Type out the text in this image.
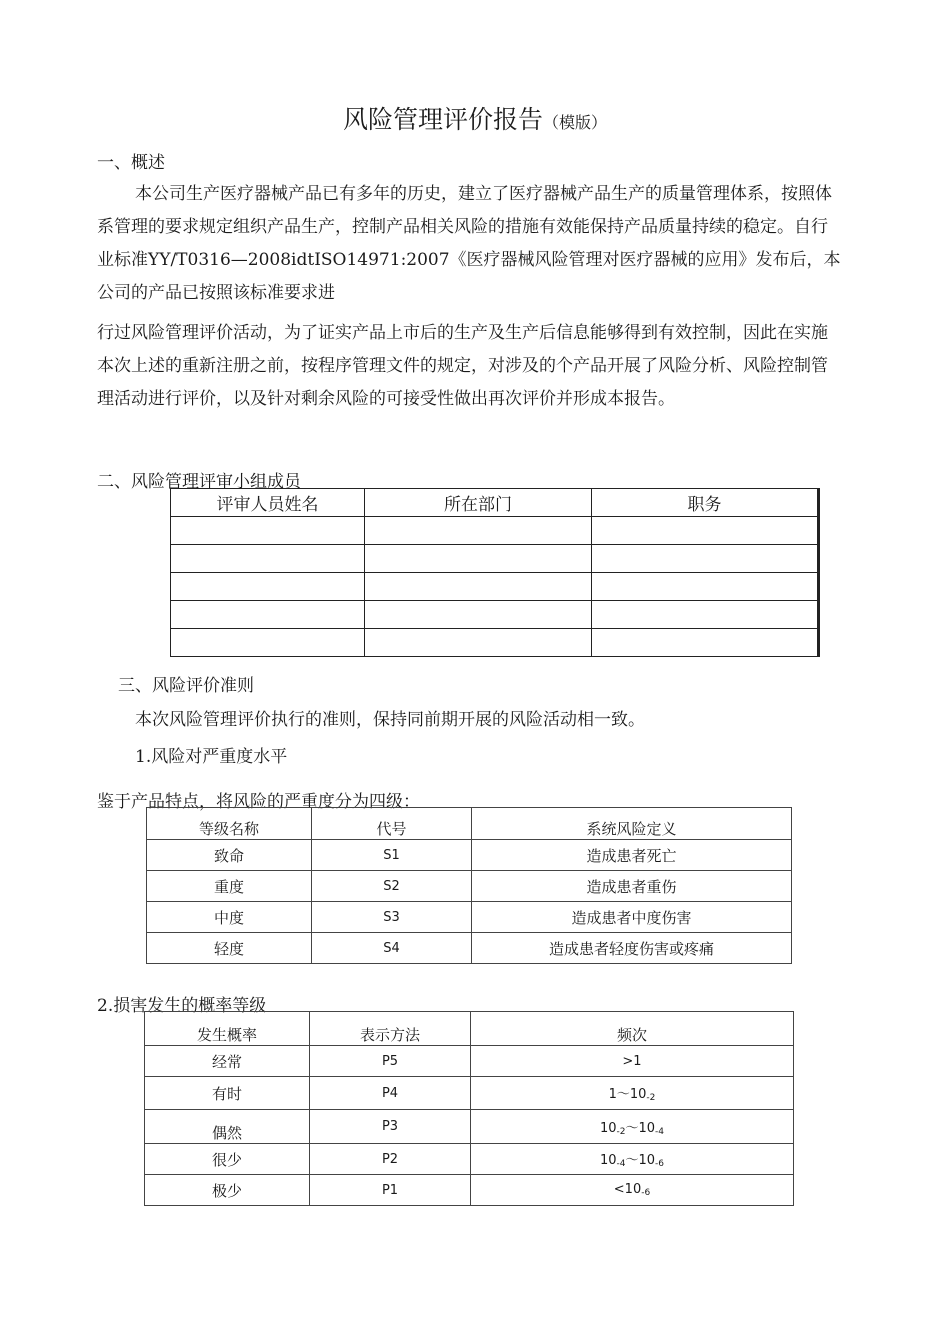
风险管理评价报告（模版）
一、概述
本公司生产医疗器械产品已有多年的历史，建立了医疗器械产品生产的质量管理体系，按照体系管理的要求规定组织产品生产，控制产品相关风险的措施有效能保持产品质量持续的稳定。自行业标准YY/T0316—2008idtISO14971:2007《医疗器械风险管理对医疗器械的应用》发布后，本公司的产品已按照该标准要求进
行过风险管理评价活动，为了证实产品上市后的生产及生产后信息能够得到有效控制，因此在实施本次上述的重新注册之前，按程序管理文件的规定，对涉及的个产品开展了风险分析、风险控制管理活动进行评价，以及针对剩余风险的可接受性做出再次评价并形成本报告。
二、风险管理评审小组成员
评审人员姓名	所在部门	职务

三、风险评价准则
本次风险管理评价执行的准则，保持同前期开展的风险活动相一致。
1.风险对严重度水平
鉴于产品特点，将风险的严重度分为四级：
等级名称	代号	系统风险定义
致命	S1	造成患者死亡
重度	S2	造成患者重伤
中度	S3	造成患者中度伤害
轻度	S4	造成患者轻度伤害或疼痛
2.损害发生的概率等级
发生概率	表示方法	频次
经常	P5	>1
有时	P4	$1\sim 10_{-2}$
偶然	P3	$10_{-2}\sim 10_{-4}$
很少	P2	$10_{-4}\sim 10_{-6}$
极少	P1	$<10_{-6}$
